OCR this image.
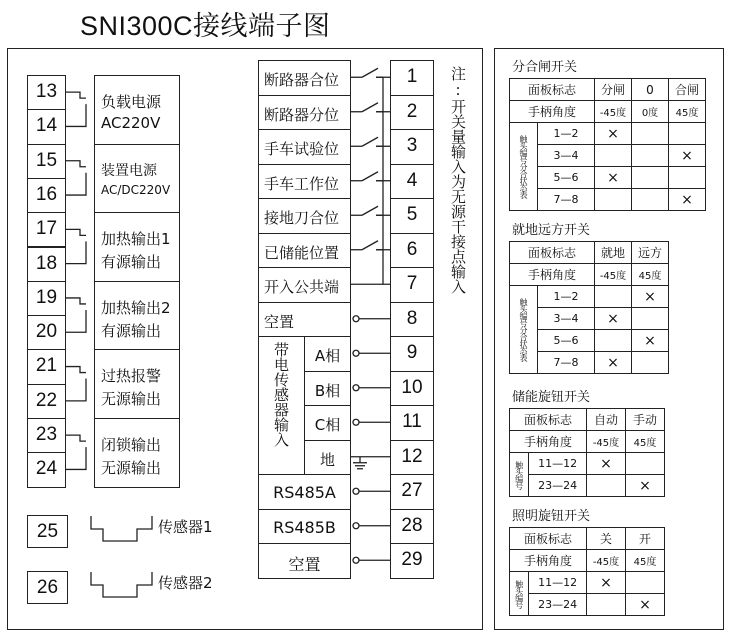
SNI300C接线端子图
13
14
负载电源
AC220V
15
16
装置电源
AC/DC220V
17
18
加热输出1
有源输出
19
20
加热输出2
有源输出
21
22
过热报警
无源输出
23
24
闭锁输出
无源输出
25	传感器1
26	传感器2
1
断路器合位
2
断路器分位
3
手车试验位
4
手车工作位
5
接地刀合位
6
已储能位置
7
开入公共端
8
空置
9
A相
10
B相
11
C相
12
地
27
RS485A
28
RS485B
29
空置
带电传感器输入
注:开关量输入为无源干接点输入	分合闸开关
面板标志		分闸	0	合闸
手柄角度		-45度	0度	45度

触头编号分合状态表	1—2	×		
	3—4			×
	5—6	×		
	7—8			×
就地远方开关
面板标志		就地	远方
手柄角度		-45度	45度

触头编号分合状态表	1—2		×
	3—4	×	
	5—6		×
	7—8	×	
储能旋钮开关
面板标志		自动	手动
手柄角度		-45度	45度

触头编号	11—12	×	
	23—24		×
照明旋钮开关
面板标志		关	开
手柄角度		-45度	45度

触头编号	11—12	×	
	23—24		×
